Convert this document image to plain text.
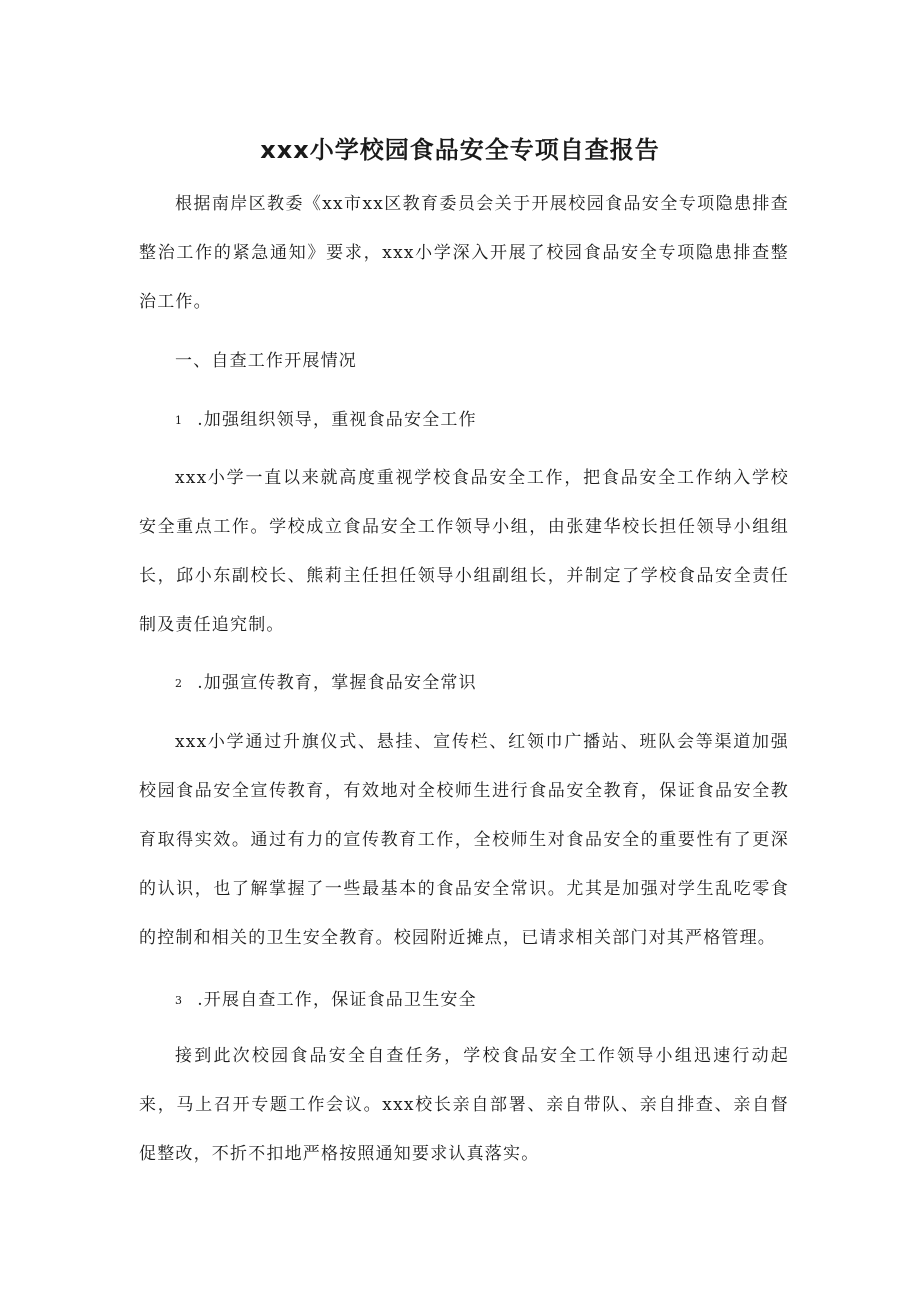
xxx小学校园食品安全专项自查报告

根据南岸区教委《xx市xx区教育委员会关于开展校园食品安全专项隐患排查整治工作的紧急通知》要求，xxx小学深入开展了校园食品安全专项隐患排查整治工作。

一、自查工作开展情况

1 .加强组织领导，重视食品安全工作

xxx小学一直以来就高度重视学校食品安全工作，把食品安全工作纳入学校安全重点工作。学校成立食品安全工作领导小组，由张建华校长担任领导小组组长，邱小东副校长、熊莉主任担任领导小组副组长，并制定了学校食品安全责任制及责任追究制。

2 .加强宣传教育，掌握食品安全常识

xxx小学通过升旗仪式、悬挂、宣传栏、红领巾广播站、班队会等渠道加强校园食品安全宣传教育，有效地对全校师生进行食品安全教育，保证食品安全教育取得实效。通过有力的宣传教育工作，全校师生对食品安全的重要性有了更深的认识，也了解掌握了一些最基本的食品安全常识。尤其是加强对学生乱吃零食的控制和相关的卫生安全教育。校园附近摊点，已请求相关部门对其严格管理。

3 .开展自查工作，保证食品卫生安全

接到此次校园食品安全自查任务，学校食品安全工作领导小组迅速行动起来，马上召开专题工作会议。xxx校长亲自部署、亲自带队、亲自排查、亲自督促整改，不折不扣地严格按照通知要求认真落实。
